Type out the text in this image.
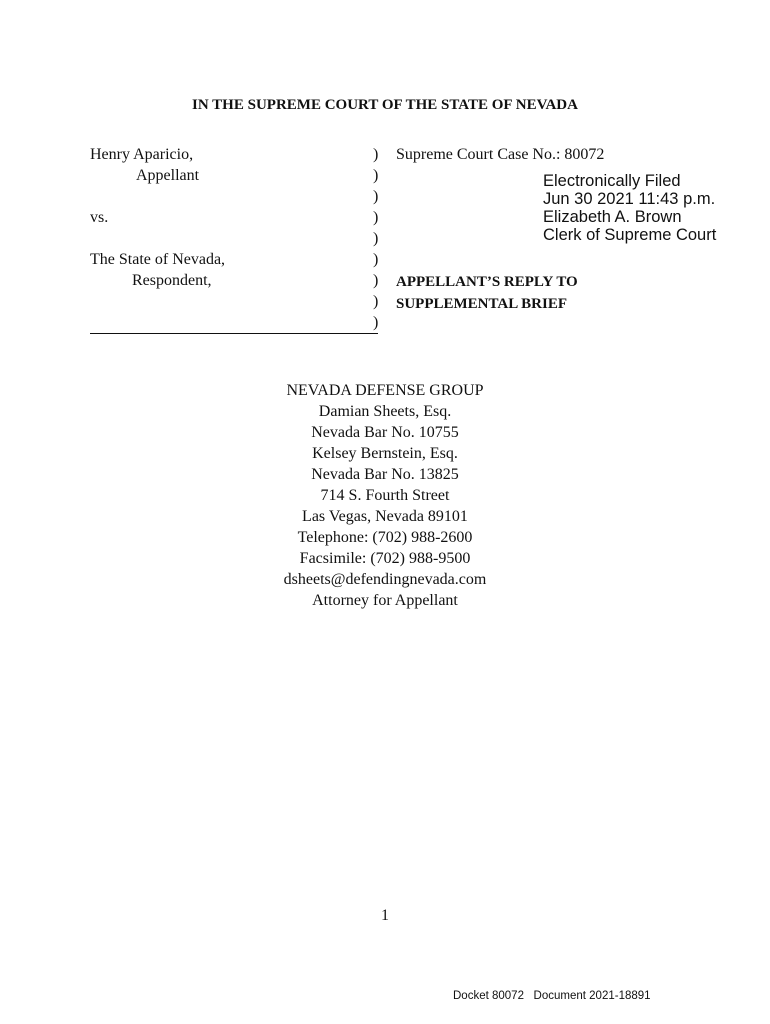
IN THE SUPREME COURT OF THE STATE OF NEVADA
Henry Aparicio,
Appellant
vs.
The State of Nevada,
Respondent,
)
)
)
)
)
)
)
)
)
Supreme Court Case No.: 80072
Electronically Filed
Jun 30 2021 11:43 p.m.
Elizabeth A. Brown
Clerk of Supreme Court
APPELLANT’S REPLY TO
SUPPLEMENTAL BRIEF
NEVADA DEFENSE GROUP
Damian Sheets, Esq.
Nevada Bar No. 10755
Kelsey Bernstein, Esq.
Nevada Bar No. 13825
714 S. Fourth Street
Las Vegas, Nevada 89101
Telephone: (702) 988-2600
Facsimile: (702) 988-9500
dsheets@defendingnevada.com
Attorney for Appellant
1
Docket 80072   Document 2021-18891
